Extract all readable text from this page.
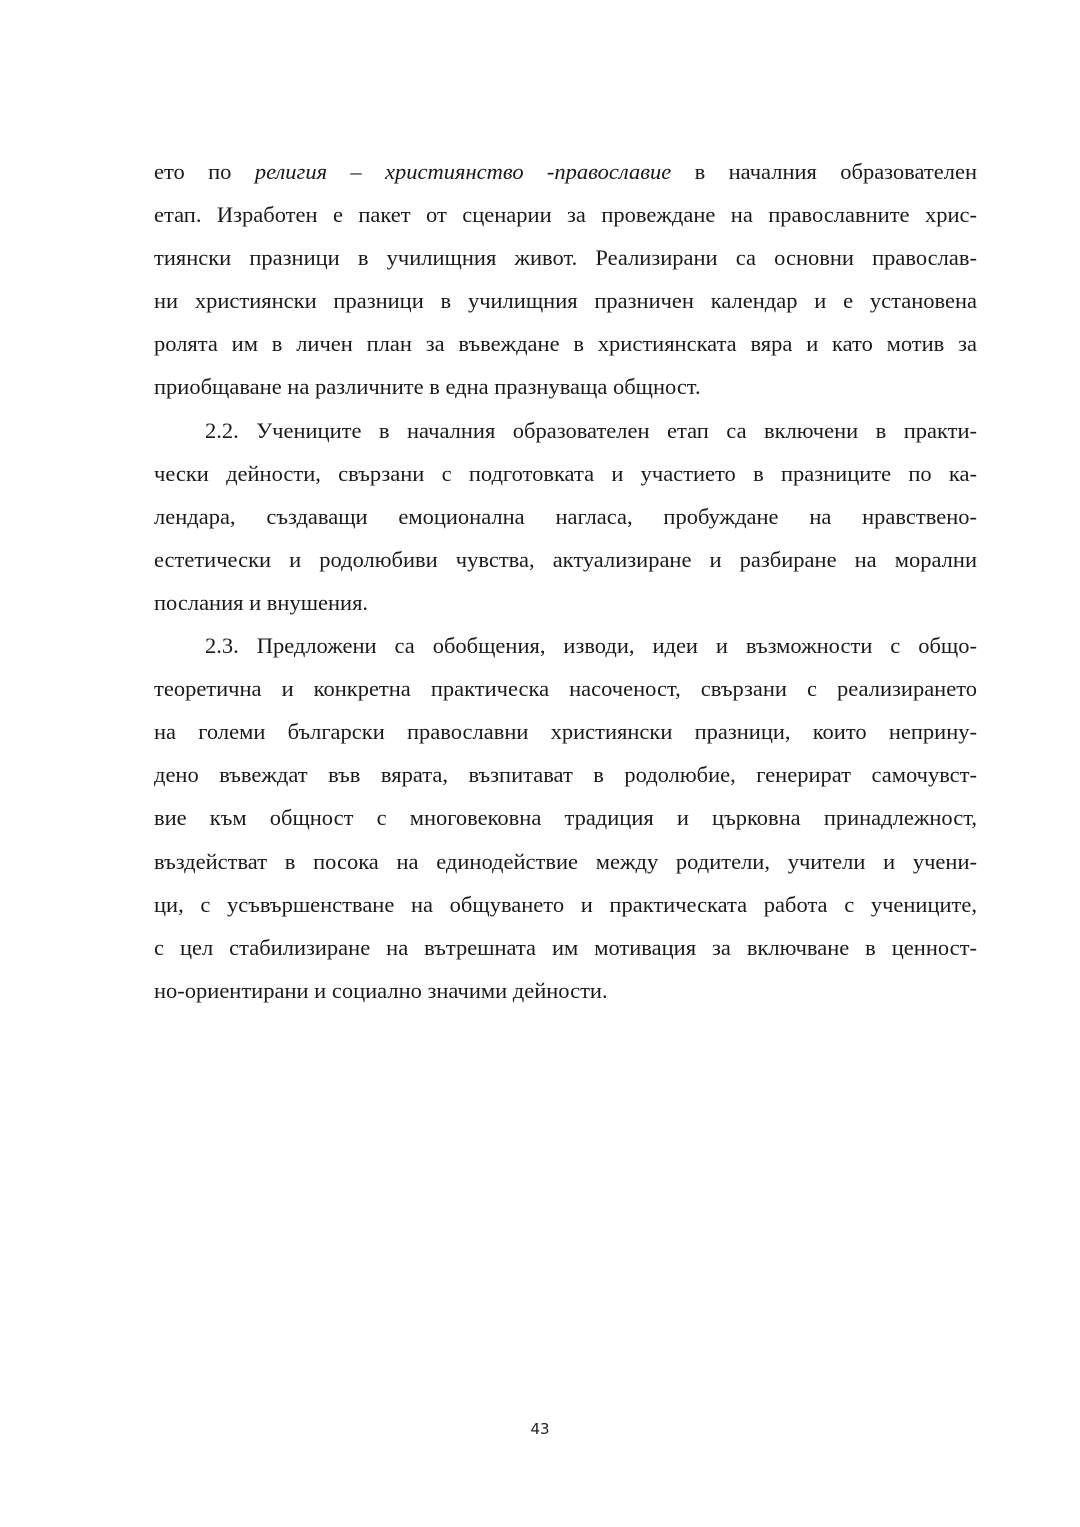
ето по религия – християнство -православие в началния образователен
етап. Изработен е пакет от сценарии за провеждане на православните хрис-
тиянски празници в училищния живот. Реализирани са основни православ-
ни християнски празници в училищния празничен календар и е установена
ролята им в личен план за въвеждане в християнската вяра и като мотив за
приобщаване на различните в една празнуваща общност.
2.2. Учениците в началния образователен етап са включени в практи-
чески дейности, свързани с подготовката и участието в празниците по ка-
лендара, създаващи емоционална нагласа, пробуждане на нравствено-
естетически и родолюбиви чувства, актуализиране и разбиране на морални
послания и внушения.
2.3. Предложени са обобщения, изводи, идеи и възможности с общо-
теоретична и конкретна практическа насоченост, свързани с реализирането
на големи български православни християнски празници, които неприну-
дено въвеждат във вярата, възпитават в родолюбие, генерират самочувст-
вие към общност с многовековна традиция и църковна принадлежност,
въздействат в посока на единодействие между родители, учители и учени-
ци, с усъвършенстване на общуването и практическата работа с учениците,
с цел стабилизиране на вътрешната им мотивация за включване в ценност-
но-ориентирани и социално значими дейности.
43
